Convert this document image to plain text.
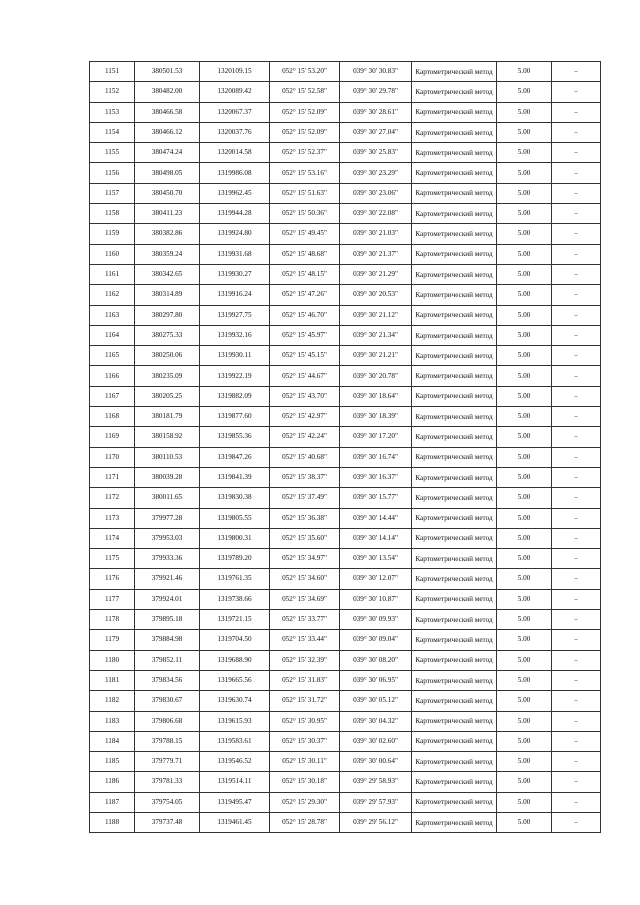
1151	380501.53	1320109.15	052° 15' 53.20"	039° 30' 30.83"	Картометрический метод	5.00	–
1152	380482.00	1320089.42	052° 15' 52.58"	039° 30' 29.78"	Картометрический метод	5.00	–
1153	380466.58	1320067.37	052° 15' 52.09"	039° 30' 28.61"	Картометрический метод	5.00	–
1154	380466.12	1320037.76	052° 15' 52.09"	039° 30' 27.04"	Картометрический метод	5.00	–
1155	380474.24	1320014.58	052° 15' 52.37"	039° 30' 25.83"	Картометрический метод	5.00	–
1156	380498.05	1319986.08	052° 15' 53.16"	039° 30' 23.29"	Картометрический метод	5.00	–
1157	380450.70	1319962.45	052° 15' 51.63"	039° 30' 23.06"	Картометрический метод	5.00	–
1158	380411.23	1319944.28	052° 15' 50.36"	039° 30' 22.08"	Картометрический метод	5.00	–
1159	380382.86	1319924.80	052° 15' 49.45"	039° 30' 21.03"	Картометрический метод	5.00	–
1160	380359.24	1319931.68	052° 15' 48.68"	039° 30' 21.37"	Картометрический метод	5.00	–
1161	380342.65	1319930.27	052° 15' 48.15"	039° 30' 21.29"	Картометрический метод	5.00	–
1162	380314.89	1319916.24	052° 15' 47.26"	039° 30' 20.53"	Картометрический метод	5.00	–
1163	380297.80	1319927.75	052° 15' 46.70"	039° 30' 21.12"	Картометрический метод	5.00	–
1164	380275.33	1319932.16	052° 15' 45.97"	039° 30' 21.34"	Картометрический метод	5.00	–
1165	380250.06	1319930.11	052° 15' 45.15"	039° 30' 21.21"	Картометрический метод	5.00	–
1166	380235.09	1319922.19	052° 15' 44.67"	039° 30' 20.78"	Картометрический метод	5.00	–
1167	380205.25	1319882.09	052° 15' 43.70"	039° 30' 18.64"	Картометрический метод	5.00	–
1168	380181.79	1319877.60	052° 15' 42.97"	039° 30' 18.39"	Картометрический метод	5.00	–
1169	380158.92	1319855.36	052° 15' 42.24"	039° 30' 17.20"	Картометрический метод	5.00	–
1170	380110.53	1319847.26	052° 15' 40.68"	039° 30' 16.74"	Картометрический метод	5.00	–
1171	380039.28	1319841.39	052° 15' 38.37"	039° 30' 16.37"	Картометрический метод	5.00	–
1172	380011.65	1319830.38	052° 15' 37.49"	039° 30' 15.77"	Картометрический метод	5.00	–
1173	379977.28	1319805.55	052° 15' 36.38"	039° 30' 14.44"	Картометрический метод	5.00	–
1174	379953.03	1319800.31	052° 15' 35.60"	039° 30' 14.14"	Картометрический метод	5.00	–
1175	379933.36	1319789.20	052° 15' 34.97"	039° 30' 13.54"	Картометрический метод	5.00	–
1176	379921.46	1319761.35	052° 15' 34.60"	039° 30' 12.07"	Картометрический метод	5.00	–
1177	379924.01	1319738.66	052° 15' 34.69"	039° 30' 10.87"	Картометрический метод	5.00	–
1178	379895.18	1319721.15	052° 15' 33.77"	039° 30' 09.93"	Картометрический метод	5.00	–
1179	379884.98	1319704.50	052° 15' 33.44"	039° 30' 09.04"	Картометрический метод	5.00	–
1180	379852.11	1319688.90	052° 15' 32.39"	039° 30' 08.20"	Картометрический метод	5.00	–
1181	379834.56	1319665.56	052° 15' 31.83"	039° 30' 06.95"	Картометрический метод	5.00	–
1182	379830.67	1319630.74	052° 15' 31.72"	039° 30' 05.12"	Картометрический метод	5.00	–
1183	379806.68	1319615.93	052° 15' 30.95"	039° 30' 04.32"	Картометрический метод	5.00	–
1184	379788.15	1319583.61	052° 15' 30.37"	039° 30' 02.60"	Картометрический метод	5.00	–
1185	379779.71	1319546.52	052° 15' 30.11"	039° 30' 00.64"	Картометрический метод	5.00	–
1186	379781.33	1319514.11	052° 15' 30.18"	039° 29' 58.93"	Картометрический метод	5.00	–
1187	379754.05	1319495.47	052° 15' 29.30"	039° 29' 57.93"	Картометрический метод	5.00	–
1188	379737.48	1319461.45	052° 15' 28.78"	039° 29' 56.12"	Картометрический метод	5.00	–
